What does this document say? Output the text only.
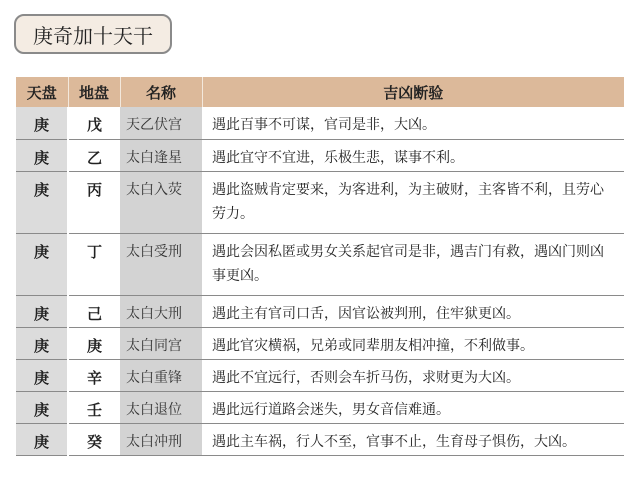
庚奇加十天干
天盘	地盘	名称	吉凶断验
庚	戊	天乙伏宫	遇此百事不可谋，官司是非，大凶。
庚	乙	太白逢星	遇此宜守不宜进，乐极生悲，谋事不利。
庚	丙	太白入荧	遇此盗贼肯定要来，为客进利，为主破财，主客皆不利，且劳心劳力。
庚	丁	太白受刑	遇此会因私匿或男女关系起官司是非，遇吉门有救，遇凶门则凶事更凶。
庚	己	太白大刑	遇此主有官司口舌，因官讼被判刑，住牢狱更凶。
庚	庚	太白同宫	遇此官灾横祸，兄弟或同辈朋友相冲撞，不利做事。
庚	辛	太白重锋	遇此不宜远行，否则会车折马伤，求财更为大凶。
庚	壬	太白退位	遇此远行道路会迷失，男女音信难通。
庚	癸	太白冲刑	遇此主车祸，行人不至，官事不止，生育母子惧伤，大凶。
